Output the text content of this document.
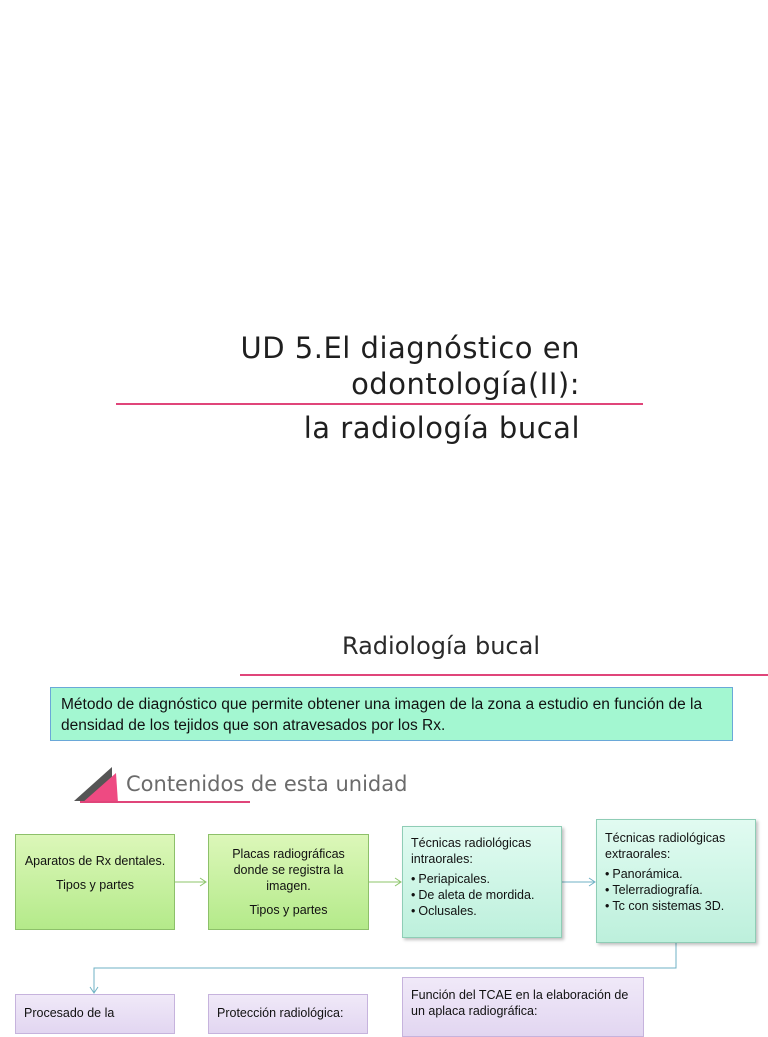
UD 5.El diagnóstico en
odontología(II):
la radiología bucal
Radiología bucal
Método de diagnóstico que permite obtener una imagen de la zona a estudio en función de la densidad de los tejidos que son atravesados por los Rx.
Contenidos de esta unidad
Aparatos de Rx dentales.
Tipos y partes
Placas radiográficas donde se registra la imagen.
Tipos y partes
Técnicas radiológicas intraorales:
• Periapicales.
• De aleta de mordida.
• Oclusales.
Técnicas radiológicas extraorales:
• Panorámica.
• Telerradiografía.
• Tc con sistemas 3D.
Procesado de la	Protección radiológica:
Función del TCAE en la elaboración de un aplaca radiográfica:
